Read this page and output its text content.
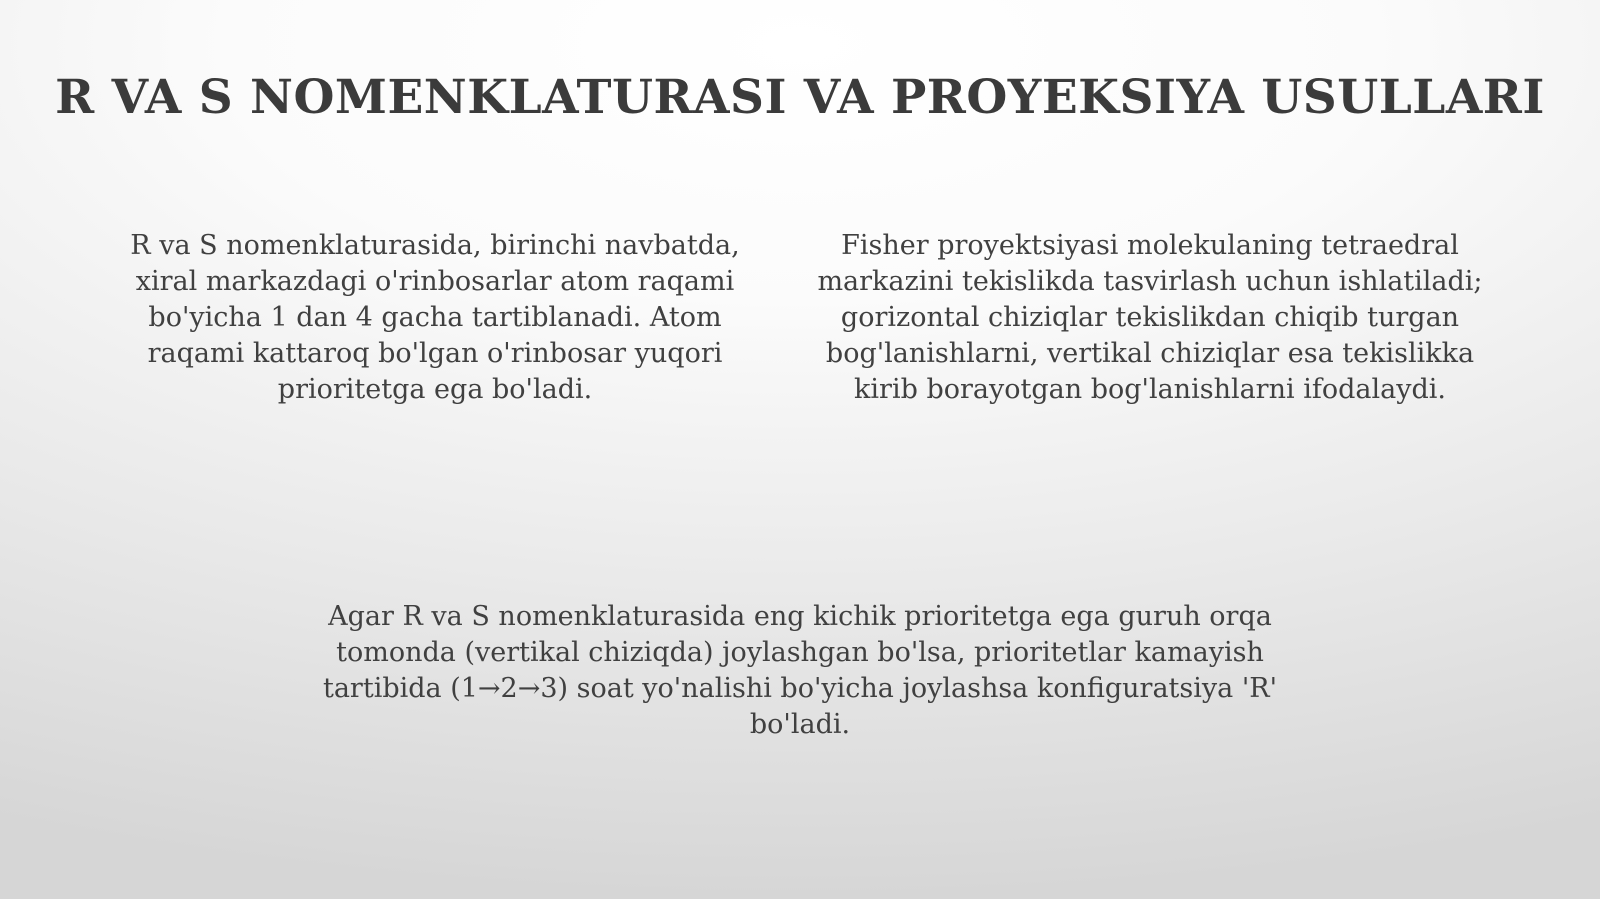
R VA S NOMENKLATURASI VA PROYEKSIYA USULLARI
R va S nomenklaturasida, birinchi navbatda, xiral markazdagi o'rinbosarlar atom raqami bo'yicha 1 dan 4 gacha tartiblanadi. Atom raqami kattaroq bo'lgan o'rinbosar yuqori prioritetga ega bo'ladi.
Fisher proyektsiyasi molekulaning tetraedral markazini tekislikda tasvirlash uchun ishlatiladi; gorizontal chiziqlar tekislikdan chiqib turgan bog'lanishlarni, vertikal chiziqlar esa tekislikka kirib borayotgan bog'lanishlarni ifodalaydi.
Agar R va S nomenklaturasida eng kichik prioritetga ega guruh orqa tomonda (vertikal chiziqda) joylashgan bo'lsa, prioritetlar kamayish tartibida (1→2→3) soat yo'nalishi bo'yicha joylashsa konfiguratsiya 'R' bo'ladi.
